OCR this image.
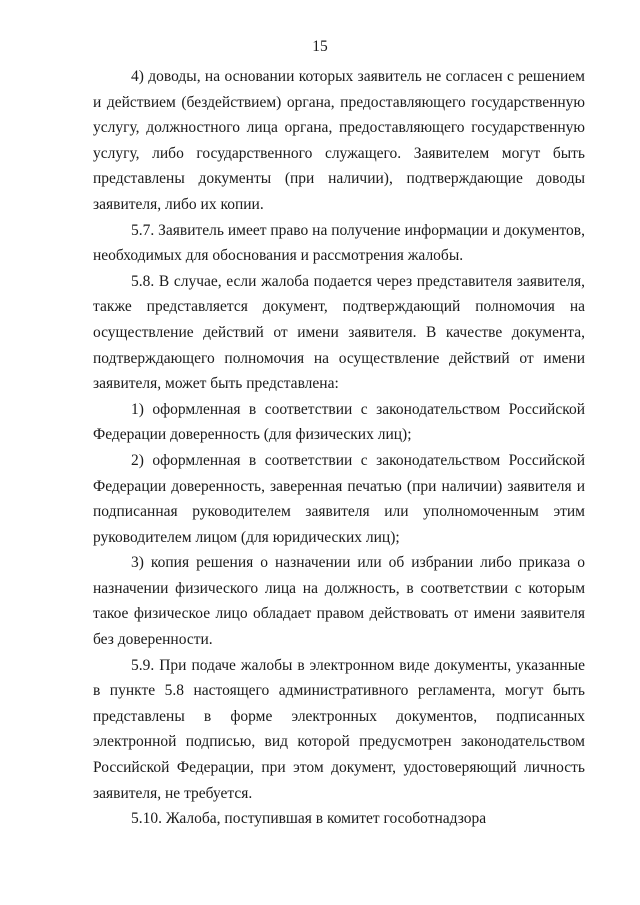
15

4) доводы, на основании которых заявитель не согласен с решением и действием (бездействием) органа, предоставляющего государственную услугу, должностного лица органа, предоставляющего государственную услугу, либо государственного служащего. Заявителем могут быть представлены документы (при наличии), подтверждающие доводы заявителя, либо их копии.

5.7. Заявитель имеет право на получение информации и документов, необходимых для обоснования и рассмотрения жалобы.

5.8. В случае, если жалоба подается через представителя заявителя, также представляется документ, подтверждающий полномочия на осуществление действий от имени заявителя. В качестве документа, подтверждающего полномочия на осуществление действий от имени заявителя, может быть представлена:

1) оформленная в соответствии с законодательством Российской Федерации доверенность (для физических лиц);

2) оформленная в соответствии с законодательством Российской Федерации доверенность, заверенная печатью (при наличии) заявителя и подписанная руководителем заявителя или уполномоченным этим руководителем лицом (для юридических лиц);

3) копия решения о назначении или об избрании либо приказа о назначении физического лица на должность, в соответствии с которым такое физическое лицо обладает правом действовать от имени заявителя без доверенности.

5.9. При подаче жалобы в электронном виде документы, указанные в пункте 5.8 настоящего административного регламента, могут быть представлены в форме электронных документов, подписанных электронной подписью, вид которой предусмотрен законодательством Российской Федерации, при этом документ, удостоверяющий личность заявителя, не требуется.

5.10. Жалоба, поступившая в комитет гособотнадзора
